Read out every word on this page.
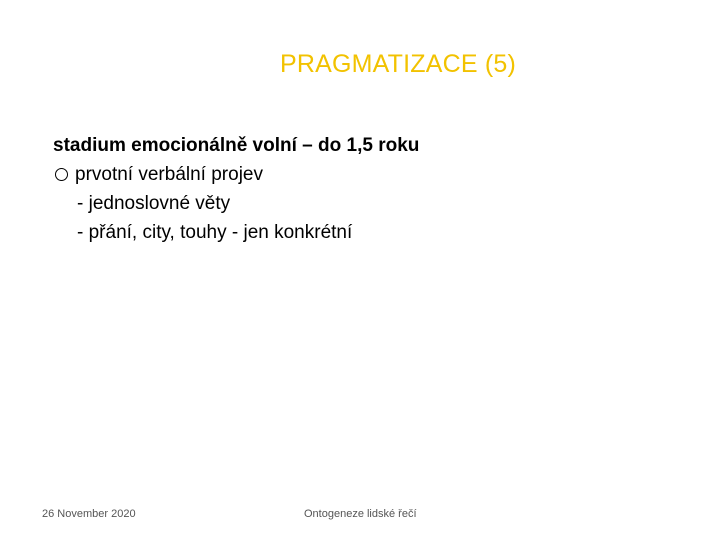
PRAGMATIZACE (5)
stadium emocionálně volní – do 1,5 roku
prvotní verbální projev
- jednoslovné věty
- přání, city, touhy - jen konkrétní
26 November 2020	Ontogeneze lidské řečí
